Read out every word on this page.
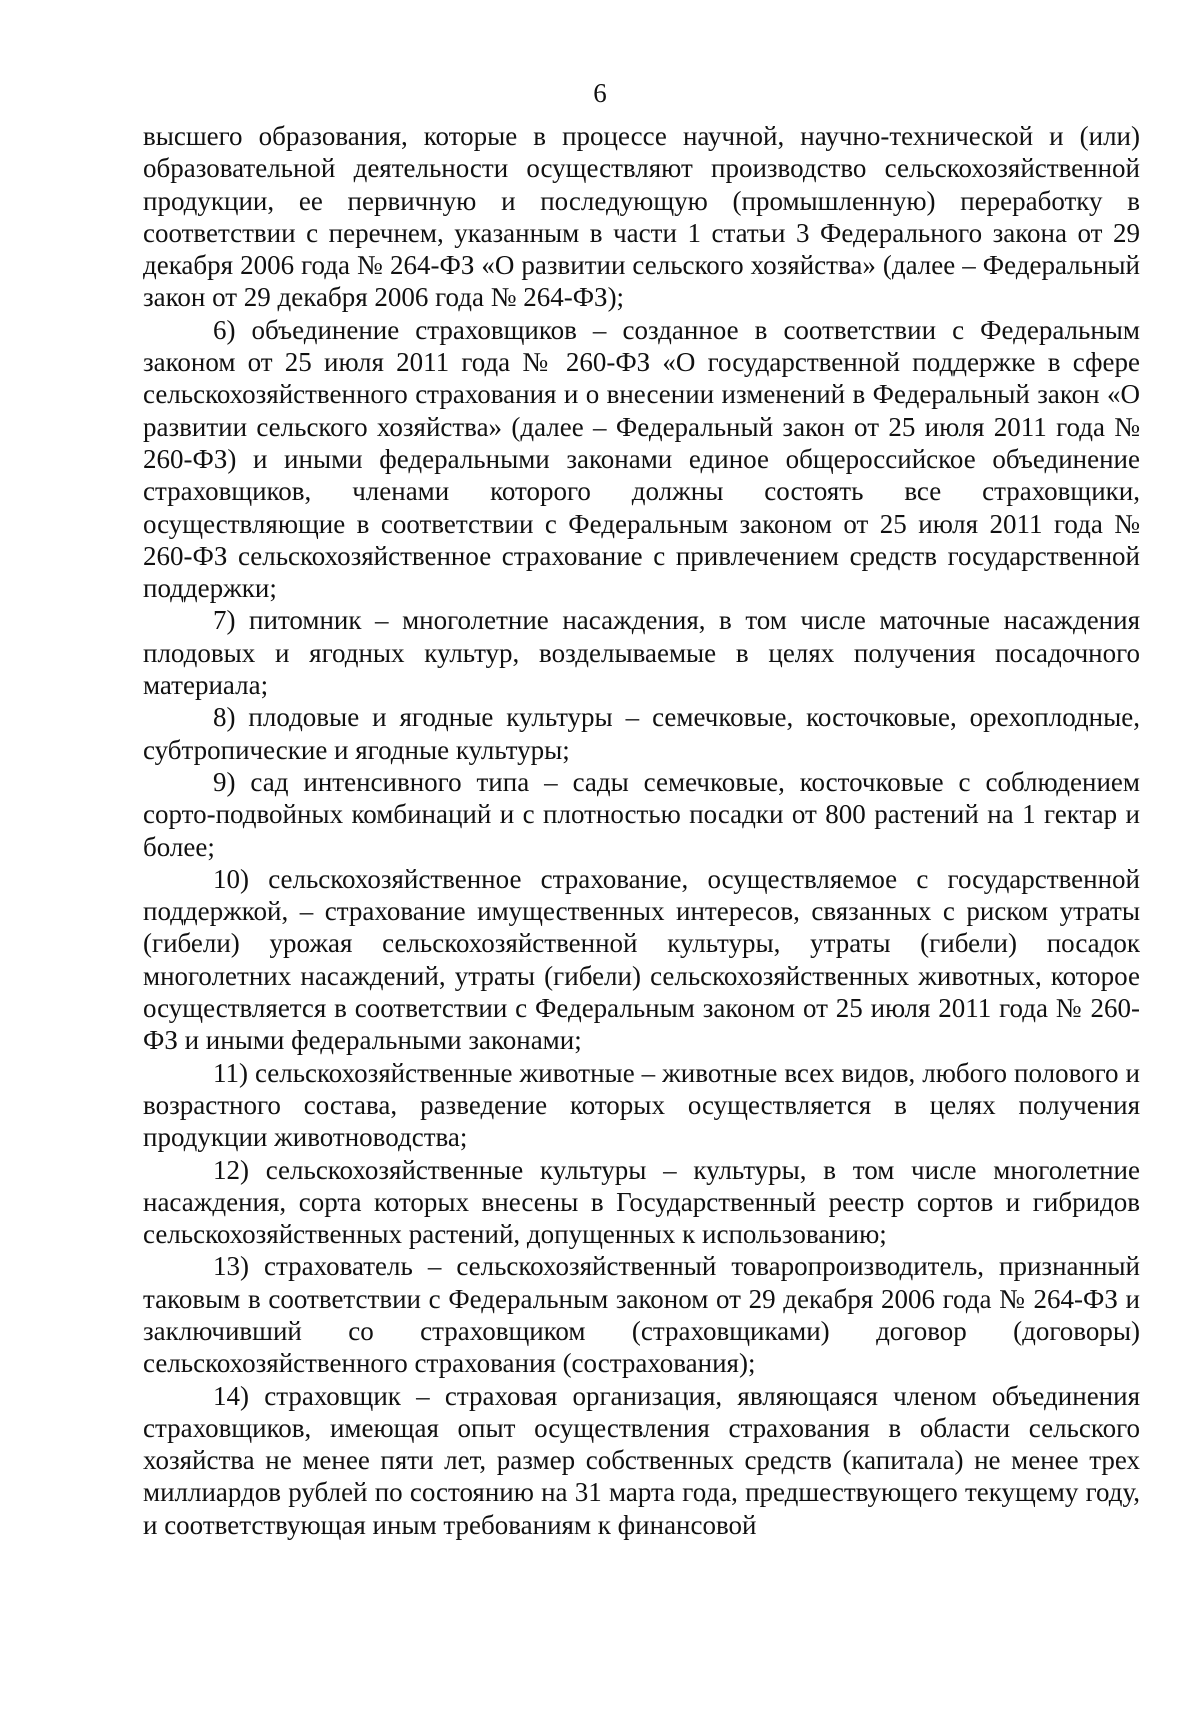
6

высшего образования, которые в процессе научной, научно-технической и (или) образовательной деятельности осуществляют производство сельскохозяйственной продукции, ее первичную и последующую (промышленную) переработку в соответствии с перечнем, указанным в части 1 статьи 3 Федерального закона от 29 декабря 2006 года № 264-ФЗ «О развитии сельского хозяйства» (далее – Федеральный закон от 29 декабря 2006 года № 264-ФЗ);

6) объединение страховщиков – созданное в соответствии с Федеральным законом от 25 июля 2011 года № 260-ФЗ «О государственной поддержке в сфере сельскохозяйственного страхования и о внесении изменений в Федеральный закон «О развитии сельского хозяйства» (далее – Федеральный закон от 25 июля 2011 года № 260-ФЗ) и иными федеральными законами единое общероссийское объединение страховщиков, членами которого должны состоять все страховщики, осуществляющие в соответствии с Федеральным законом от 25 июля 2011 года № 260-ФЗ сельскохозяйственное страхование с привлечением средств государственной поддержки;

7) питомник – многолетние насаждения, в том числе маточные насаждения плодовых и ягодных культур, возделываемые в целях получения посадочного материала;

8) плодовые и ягодные культуры – семечковые, косточковые, орехоплодные, субтропические и ягодные культуры;

9) сад интенсивного типа – сады семечковые, косточковые с соблюдением сорто-подвойных комбинаций и с плотностью посадки от 800 растений на 1 гектар и более;

10) сельскохозяйственное страхование, осуществляемое с государственной поддержкой, – страхование имущественных интересов, связанных с риском утраты (гибели) урожая сельскохозяйственной культуры, утраты (гибели) посадок многолетних насаждений, утраты (гибели) сельскохозяйственных животных, которое осуществляется в соответствии с Федеральным законом от 25 июля 2011 года № 260-ФЗ и иными федеральными законами;

11) сельскохозяйственные животные – животные всех видов, любого полового и возрастного состава, разведение которых осуществляется в целях получения продукции животноводства;

12) сельскохозяйственные культуры – культуры, в том числе многолетние насаждения, сорта которых внесены в Государственный реестр сортов и гибридов сельскохозяйственных растений, допущенных к использованию;

13) страхователь – сельскохозяйственный товаропроизводитель, признанный таковым в соответствии с Федеральным законом от 29 декабря 2006 года № 264-ФЗ и заключивший со страховщиком (страховщиками) договор (договоры) сельскохозяйственного страхования (сострахования);

14) страховщик – страховая организация, являющаяся членом объединения страховщиков, имеющая опыт осуществления страхования в области сельского хозяйства не менее пяти лет, размер собственных средств (капитала) не менее трех миллиардов рублей по состоянию на 31 марта года, предшествующего текущему году, и соответствующая иным требованиям к финансовой
